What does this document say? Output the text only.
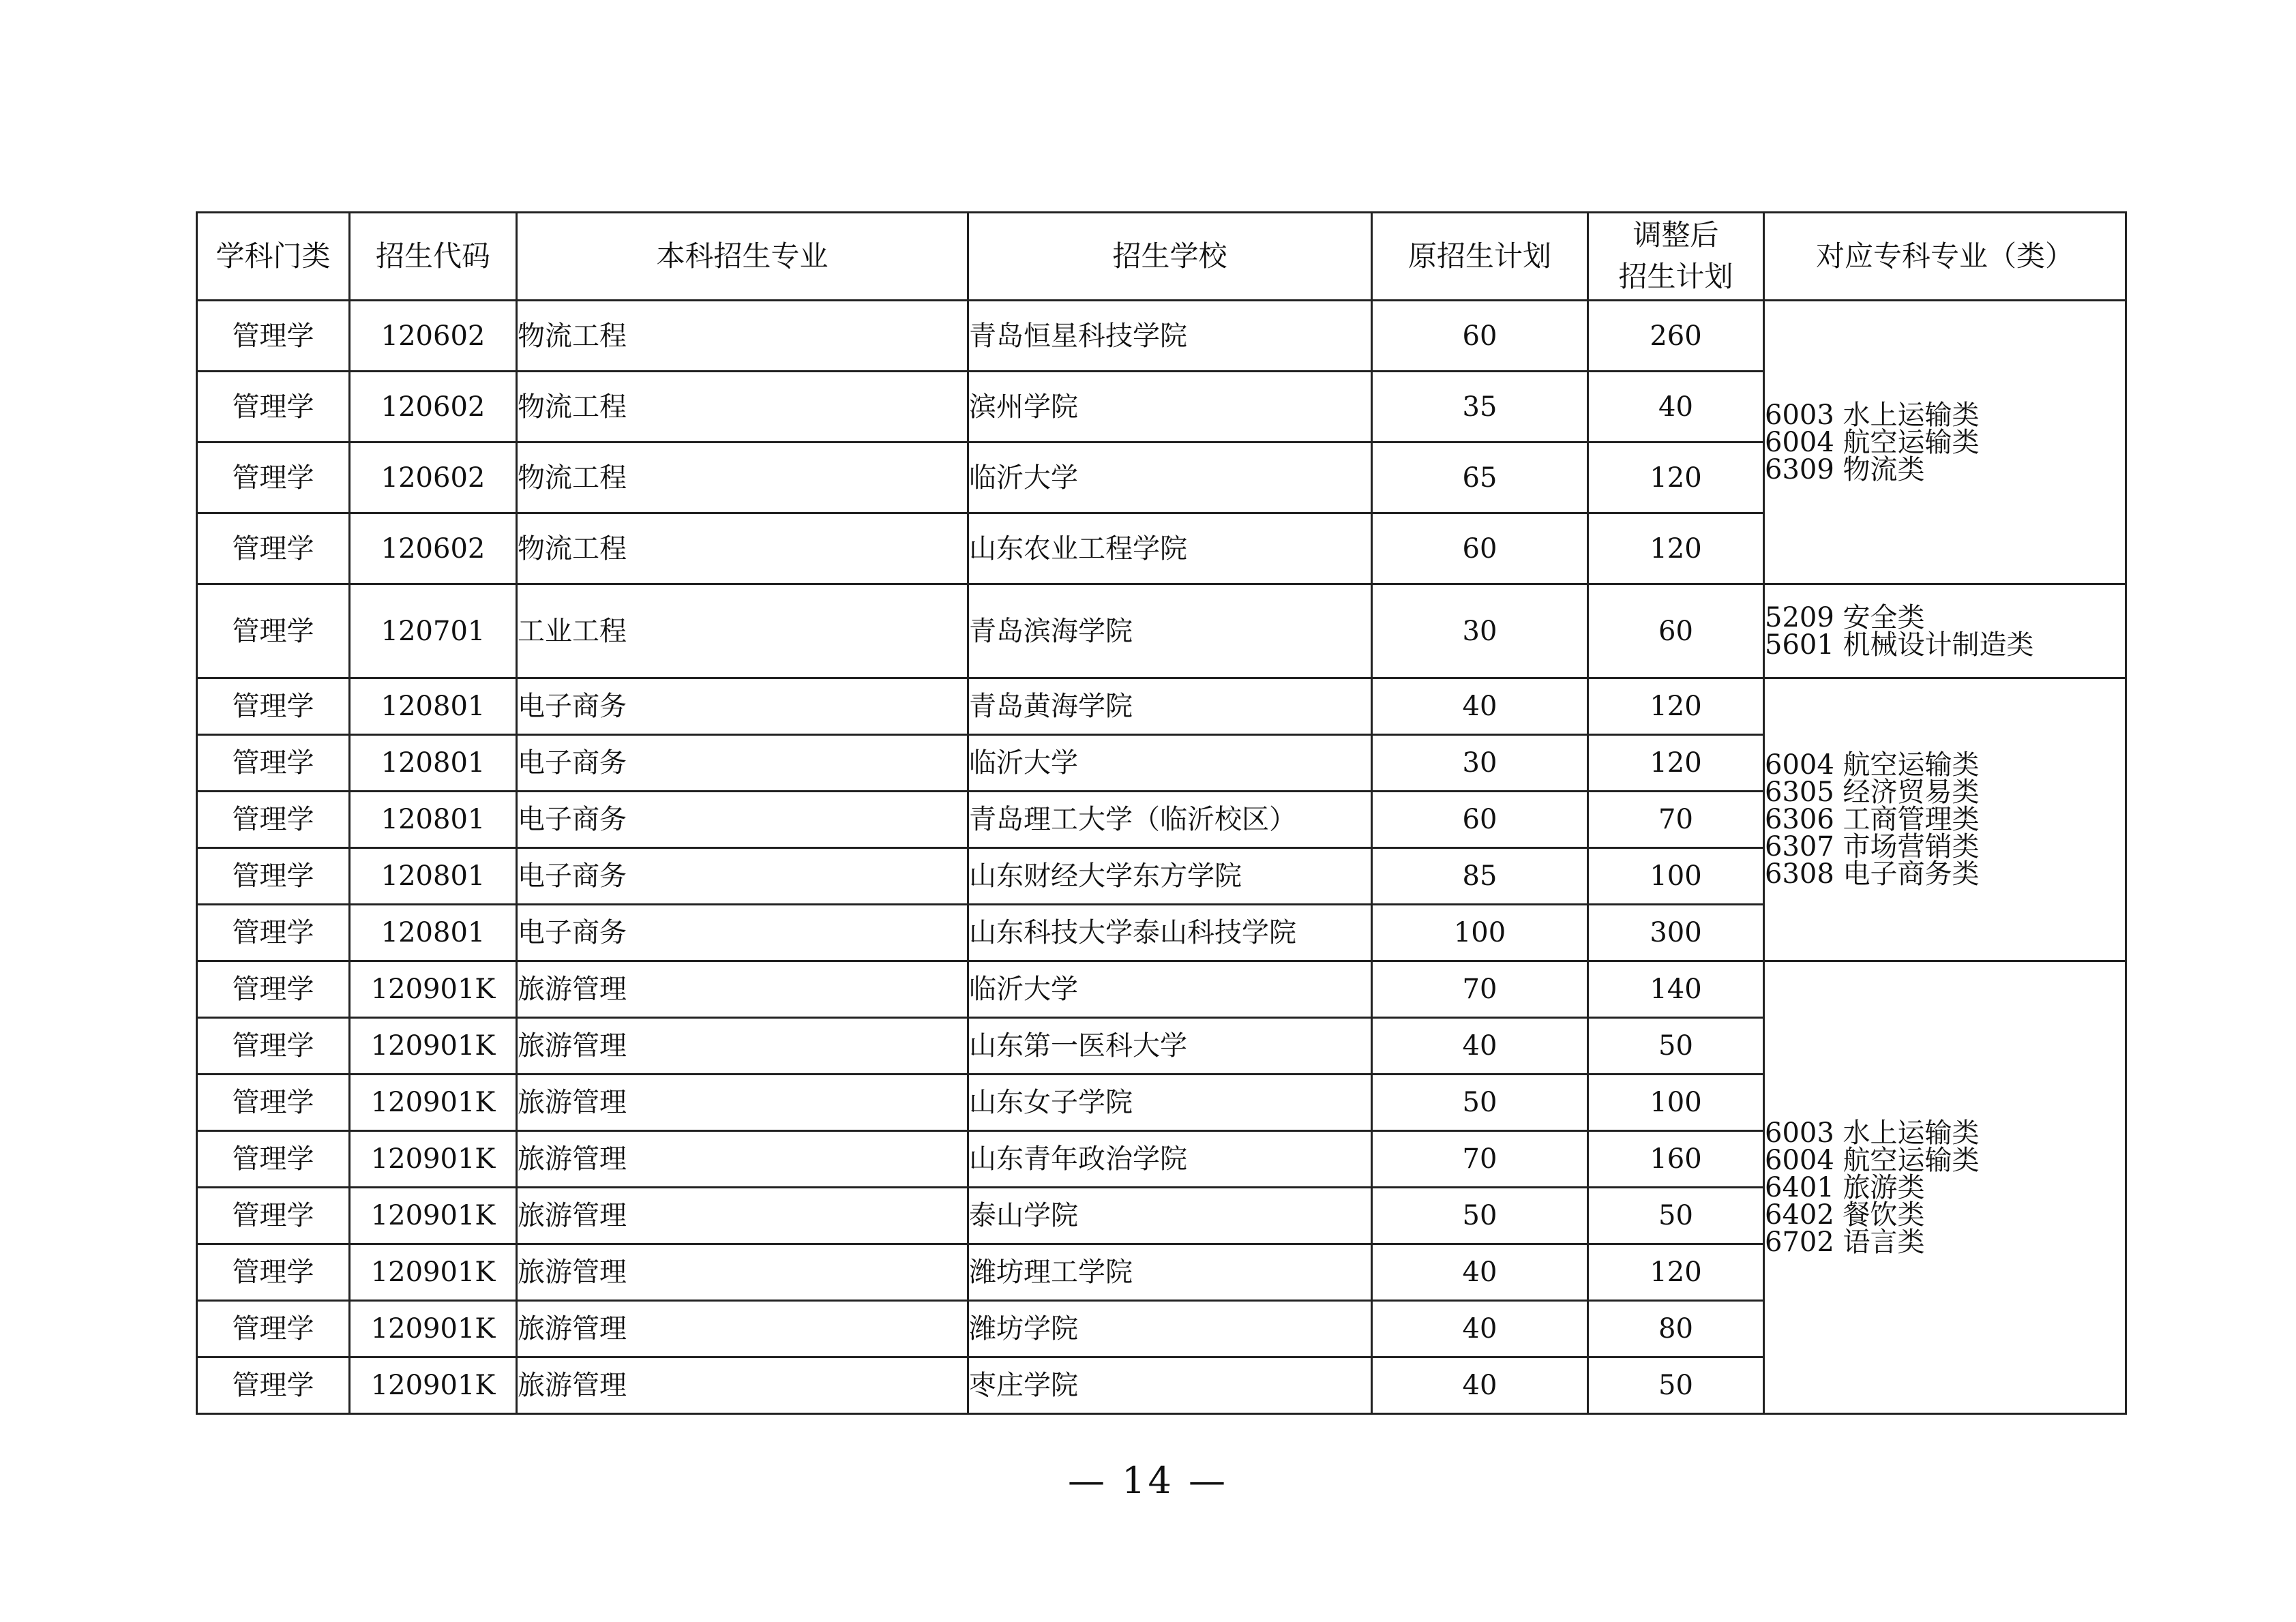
学科门类	招生代码	本科招生专业	招生学校	原招生计划	调整后
招生计划	对应专科专业（类）
管理学	120602	物流工程	青岛恒星科技学院	60	260	6003 水上运输类
6004 航空运输类
6309 物流类

管理学	120602	物流工程	滨州学院	35	40	
管理学	120602	物流工程	临沂大学	65	120	
管理学	120602	物流工程	山东农业工程学院	60	120	
管理学	120701	工业工程	青岛滨海学院	30	60	5209 安全类
5601 机械设计制造类

管理学	120801	电子商务	青岛黄海学院	40	120	6004 航空运输类
6305 经济贸易类
6306 工商管理类
6307 市场营销类
6308 电子商务类

管理学	120801	电子商务	临沂大学	30	120	
管理学	120801	电子商务	青岛理工大学（临沂校区）	60	70	
管理学	120801	电子商务	山东财经大学东方学院	85	100	
管理学	120801	电子商务	山东科技大学泰山科技学院	100	300	
管理学	120901K	旅游管理	临沂大学	70	140	6003 水上运输类
6004 航空运输类
6401 旅游类
6402 餐饮类
6702 语言类

管理学	120901K	旅游管理	山东第一医科大学	40	50	
管理学	120901K	旅游管理	山东女子学院	50	100	
管理学	120901K	旅游管理	山东青年政治学院	70	160	
管理学	120901K	旅游管理	泰山学院	50	50	
管理学	120901K	旅游管理	潍坊理工学院	40	120	
管理学	120901K	旅游管理	潍坊学院	40	80	
管理学	120901K	旅游管理	枣庄学院	40	50	
— 14 —
